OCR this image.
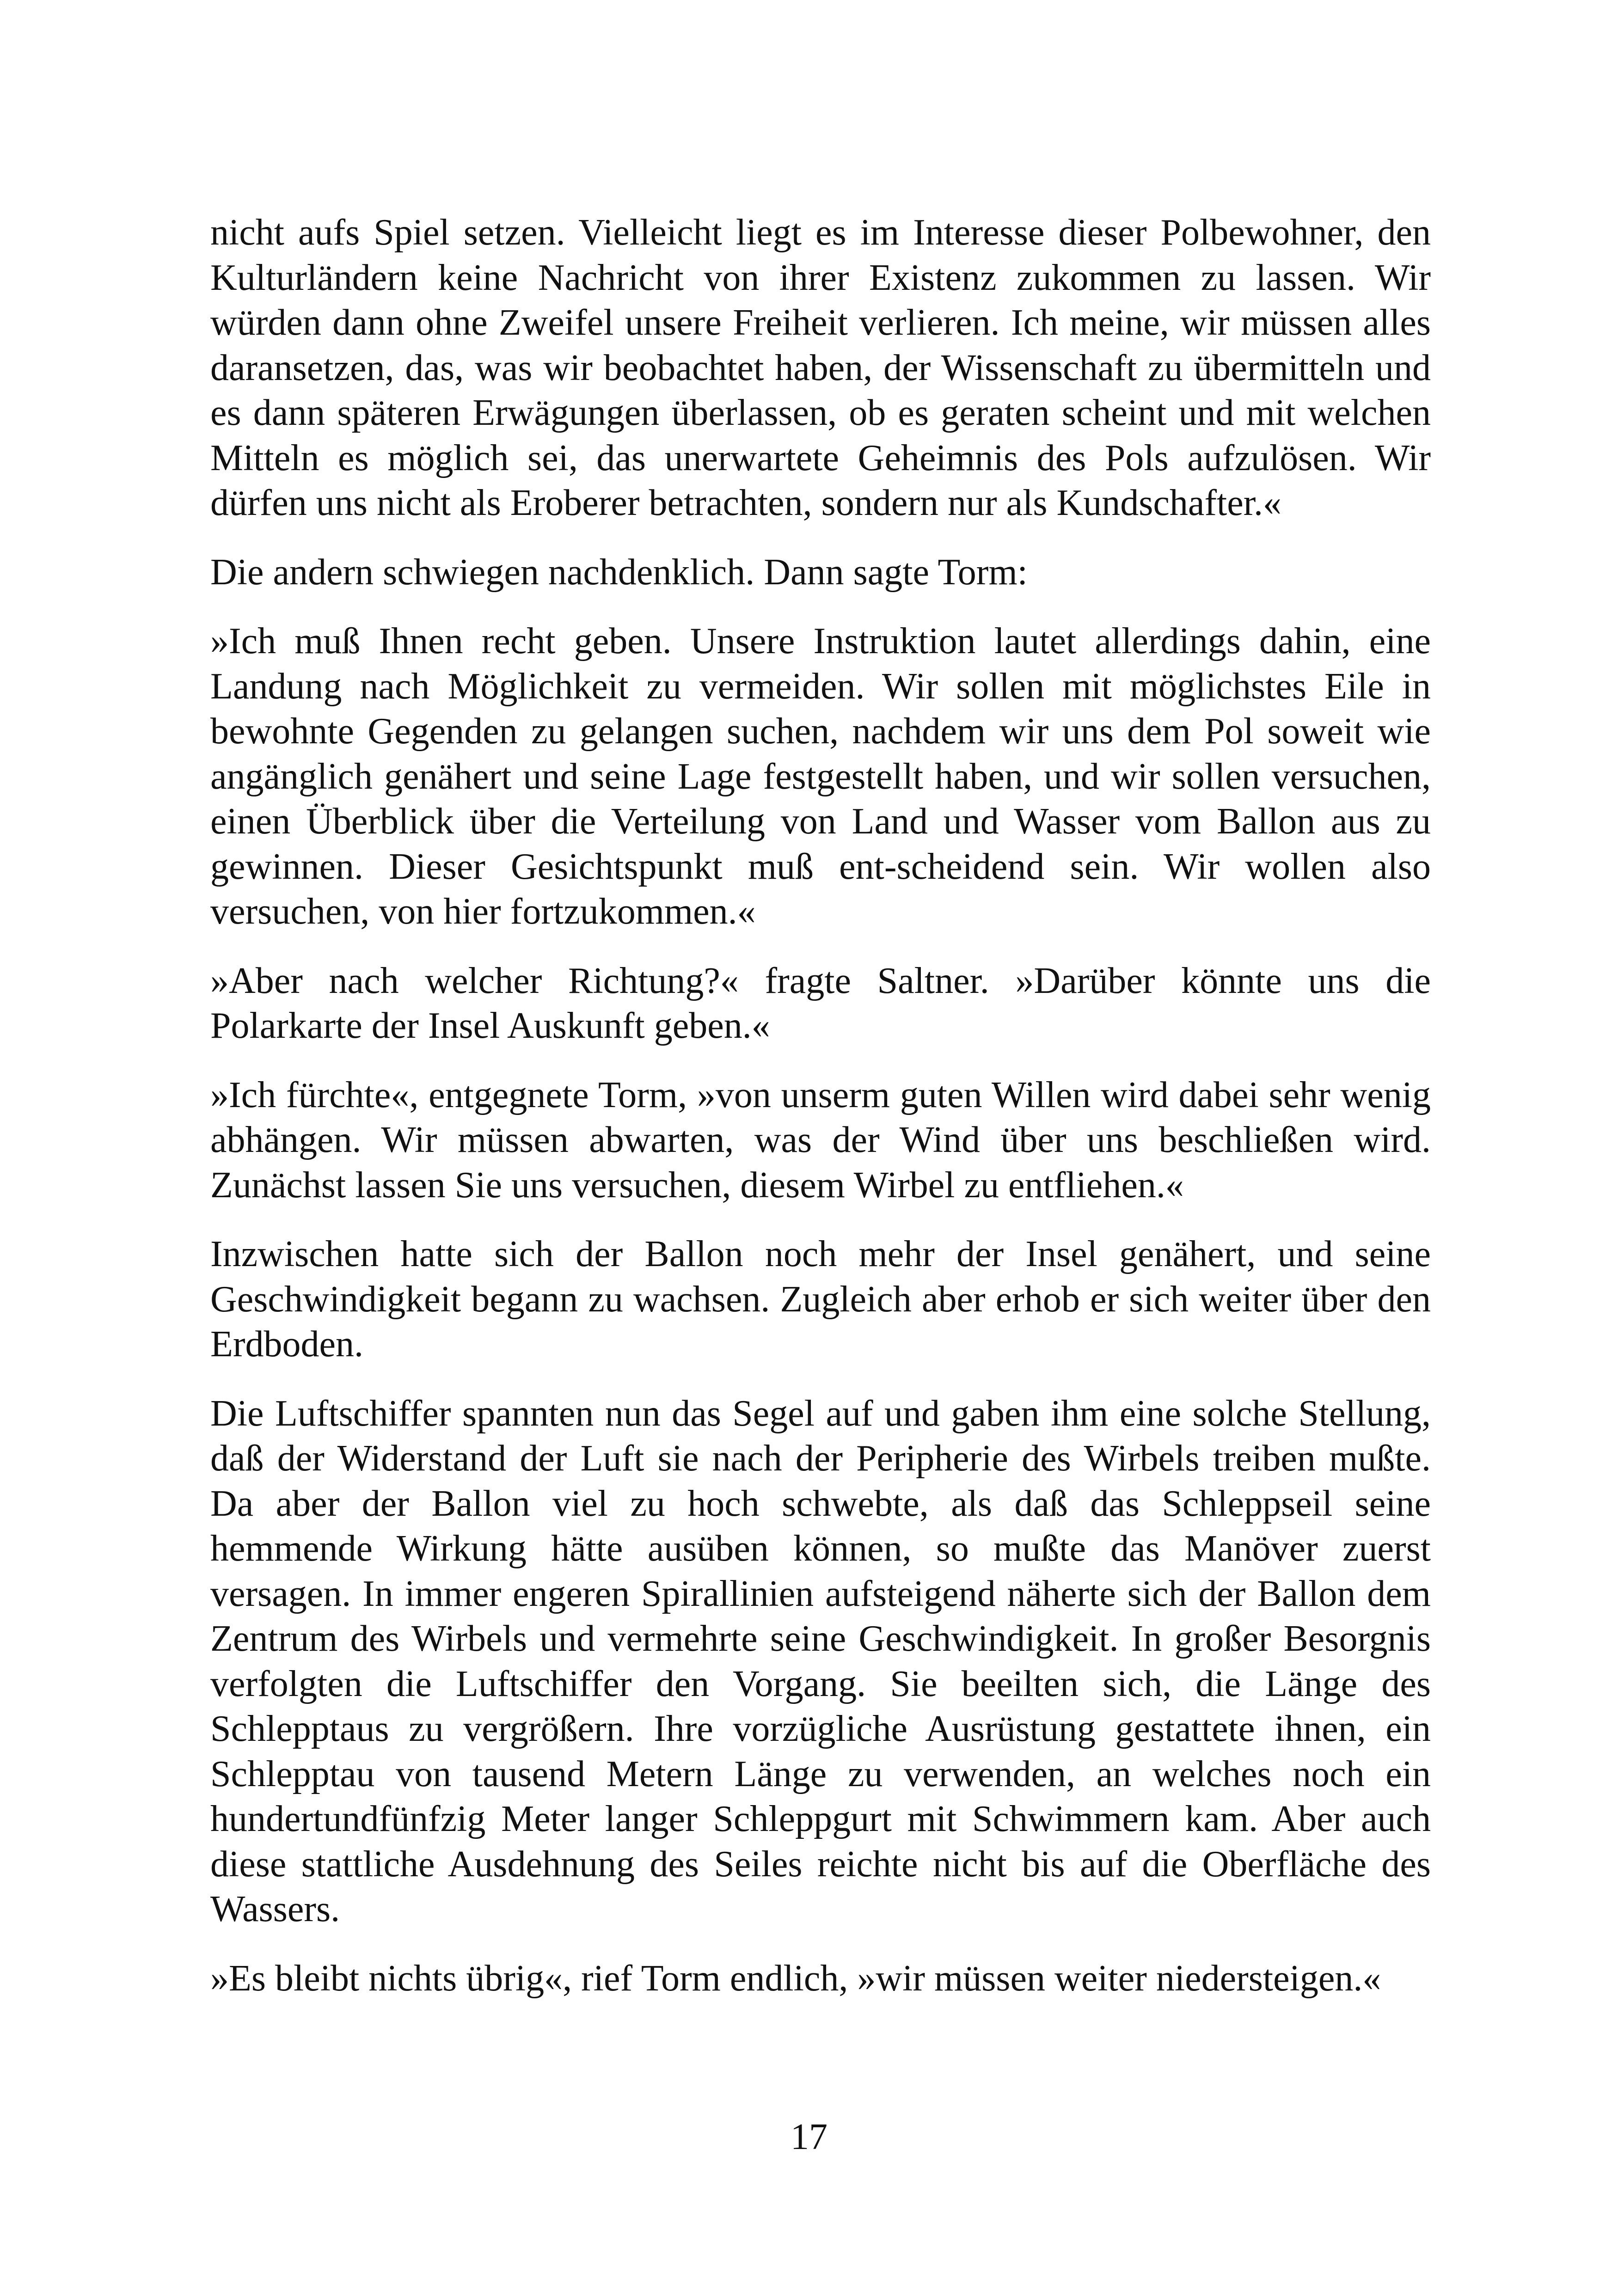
nicht aufs Spiel setzen. Vielleicht liegt es im Interesse dieser Polbewohner, den Kulturländern keine Nachricht von ihrer Existenz zukommen zu lassen. Wir würden dann ohne Zweifel unsere Freiheit verlieren. Ich meine, wir müssen alles daransetzen, das, was wir beobachtet haben, der Wissenschaft zu übermitteln und es dann späteren Erwägungen überlassen, ob es geraten scheint und mit welchen Mitteln es möglich sei, das unerwartete Geheimnis des Pols aufzulösen. Wir dürfen uns nicht als Eroberer betrachten, sondern nur als Kundschafter.«

Die andern schwiegen nachdenklich. Dann sagte Torm:

»Ich muß Ihnen recht geben. Unsere Instruktion lautet allerdings dahin, eine Landung nach Möglichkeit zu vermeiden. Wir sollen mit möglichstes Eile in bewohnte Gegenden zu gelangen suchen, nachdem wir uns dem Pol soweit wie angänglich genähert und seine Lage festgestellt haben, und wir sollen versuchen, einen Überblick über die Verteilung von Land und Wasser vom Ballon aus zu gewinnen. Dieser Gesichtspunkt muß ent-scheidend sein. Wir wollen also versuchen, von hier fortzukommen.«

»Aber nach welcher Richtung?« fragte Saltner. »Darüber könnte uns die Polarkarte der Insel Auskunft geben.«

»Ich fürchte«, entgegnete Torm, »von unserm guten Willen wird dabei sehr wenig abhängen. Wir müssen abwarten, was der Wind über uns beschließen wird. Zunächst lassen Sie uns versuchen, diesem Wirbel zu entfliehen.«

Inzwischen hatte sich der Ballon noch mehr der Insel genähert, und seine Geschwindigkeit begann zu wachsen. Zugleich aber erhob er sich weiter über den Erdboden.

Die Luftschiffer spannten nun das Segel auf und gaben ihm eine solche Stellung, daß der Widerstand der Luft sie nach der Peripherie des Wirbels treiben mußte. Da aber der Ballon viel zu hoch schwebte, als daß das Schleppseil seine hemmende Wirkung hätte ausüben können, so mußte das Manöver zuerst versagen. In immer engeren Spirallinien aufsteigend näherte sich der Ballon dem Zentrum des Wirbels und vermehrte seine Geschwindigkeit. In großer Besorgnis verfolgten die Luftschiffer den Vorgang. Sie beeilten sich, die Länge des Schlepptaus zu vergrößern. Ihre vorzügliche Ausrüstung gestattete ihnen, ein Schlepptau von tausend Metern Länge zu verwenden, an welches noch ein hundertundfünfzig Meter langer Schleppgurt mit Schwimmern kam. Aber auch diese stattliche Ausdehnung des Seiles reichte nicht bis auf die Oberfläche des Wassers.

»Es bleibt nichts übrig«, rief Torm endlich, »wir müssen weiter niedersteigen.«

17
